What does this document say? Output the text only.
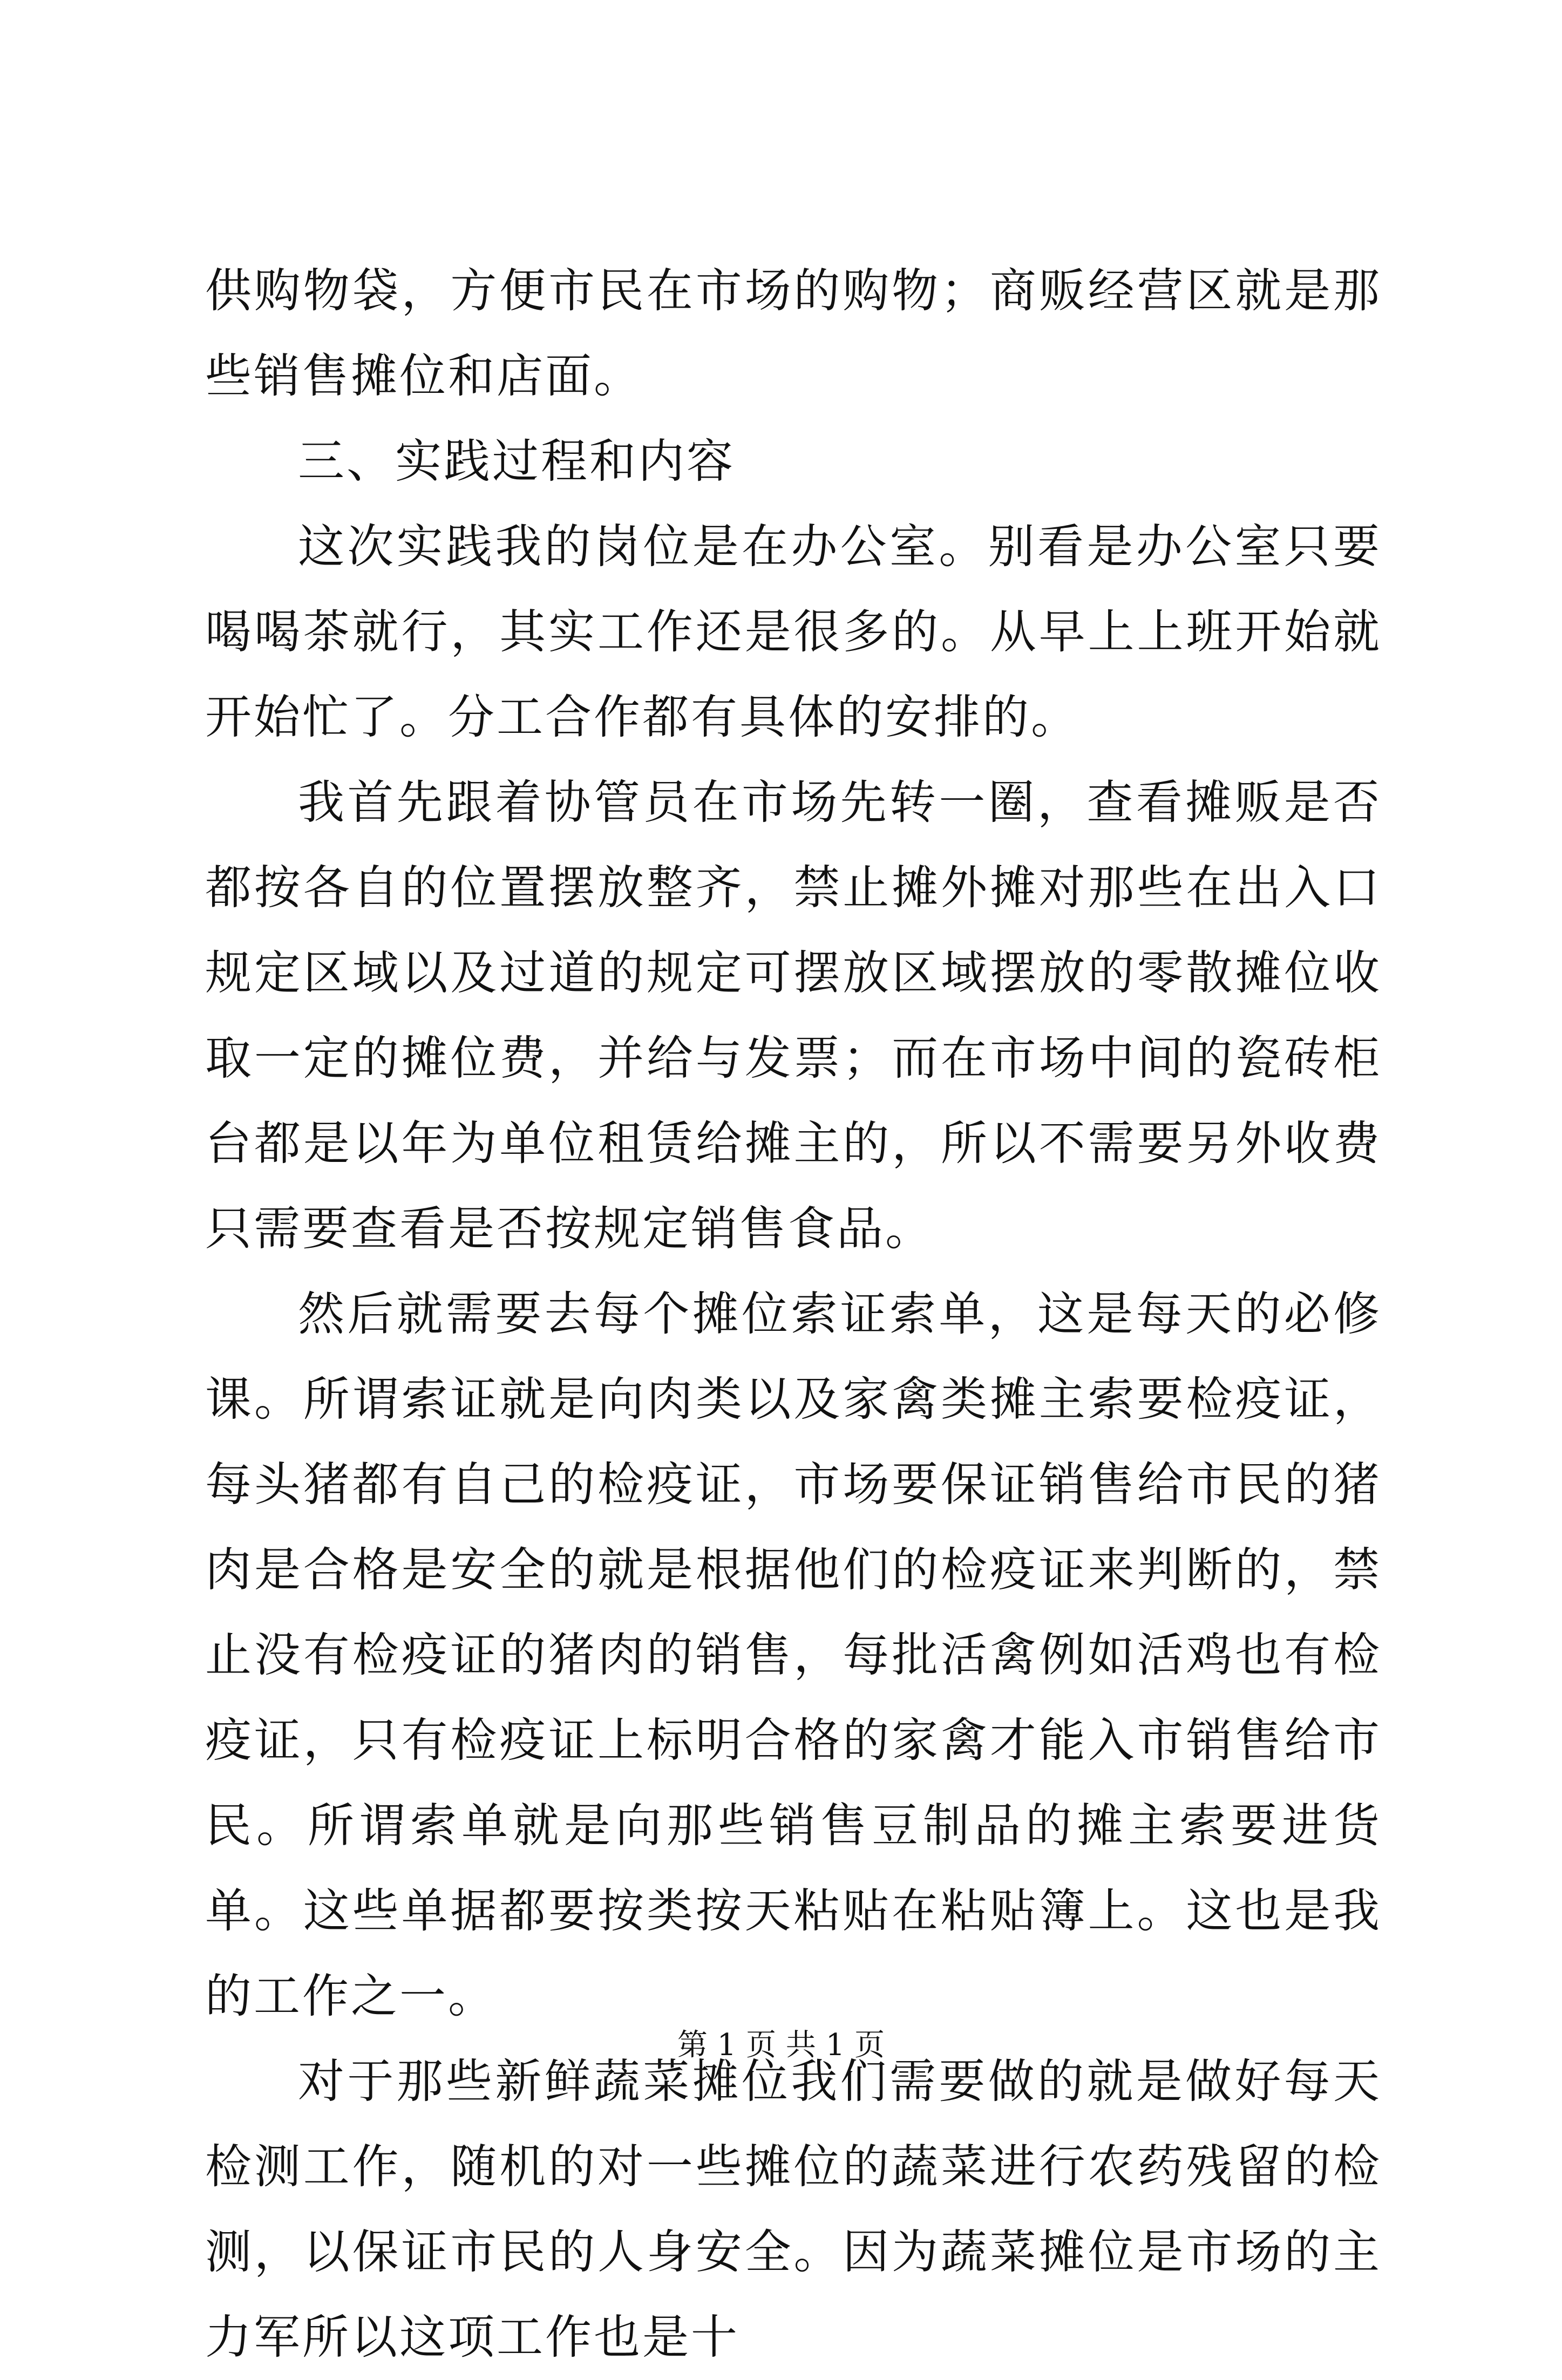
供购物袋，方便市民在市场的购物；商贩经营区就是那些销售摊位和店面。

三、实践过程和内容

这次实践我的岗位是在办公室。别看是办公室只要喝喝茶就行，其实工作还是很多的。从早上上班开始就开始忙了。分工合作都有具体的安排的。

我首先跟着协管员在市场先转一圈，查看摊贩是否都按各自的位置摆放整齐，禁止摊外摊对那些在出入口规定区域以及过道的规定可摆放区域摆放的零散摊位收取一定的摊位费，并给与发票；而在市场中间的瓷砖柜台都是以年为单位租赁给摊主的，所以不需要另外收费只需要查看是否按规定销售食品。

然后就需要去每个摊位索证索单，这是每天的必修课。所谓索证就是向肉类以及家禽类摊主索要检疫证，每头猪都有自己的检疫证，市场要保证销售给市民的猪肉是合格是安全的就是根据他们的检疫证来判断的，禁止没有检疫证的猪肉的销售，每批活禽例如活鸡也有检疫证，只有检疫证上标明合格的家禽才能入市销售给市民。所谓索单就是向那些销售豆制品的摊主索要进货单。这些单据都要按类按天粘贴在粘贴簿上。这也是我的工作之一。

对于那些新鲜蔬菜摊位我们需要做的就是做好每天检测工作，随机的对一些摊位的蔬菜进行农药残留的检测，以保证市民的人身安全。因为蔬菜摊位是市场的主力军所以这项工作也是十

第 1 页 共 1 页
